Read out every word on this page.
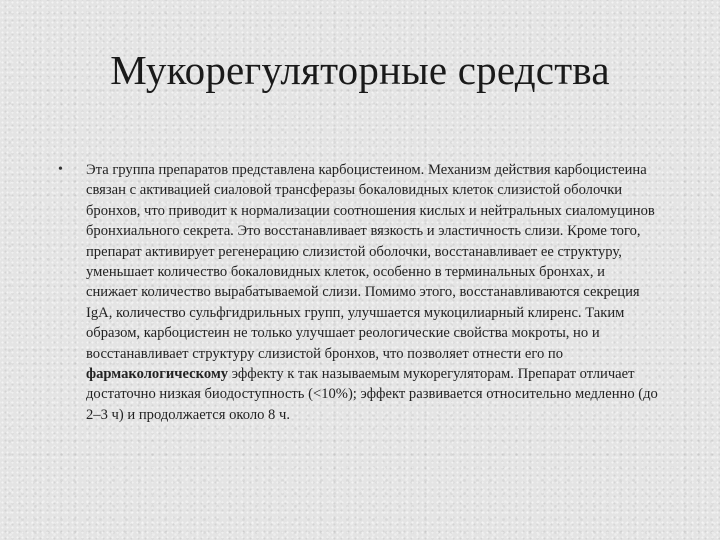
Мукорегуляторные средства
• Эта группа препаратов представлена карбоцистеином. Механизм действия карбоцистеина связан с активацией сиаловой трансферазы бокаловидных клеток слизистой оболочки бронхов, что приводит к нормализации соотношения кислых и нейтральных сиаломуцинов бронхиального секрета. Это восстанавливает вязкость и эластичность слизи. Кроме того, препарат активирует регенерацию слизистой оболочки, восстанавливает ее структуру, уменьшает количество бокаловидных клеток, особенно в терминальных бронхах, и снижает количество вырабатываемой слизи. Помимо этого, восстанавливаются секреция IgA, количество сульфгидрильных групп, улучшается мукоцилиарный клиренс. Таким образом, карбоцистеин не только улучшает реологические свойства мокроты, но и восстанавливает структуру слизистой бронхов, что позволяет отнести его по фармакологическому эффекту к так называемым мукорегуляторам. Препарат отличает достаточно низкая биодоступность (<10%); эффект развивается относительно медленно (до 2–3 ч) и продолжается около 8 ч.
